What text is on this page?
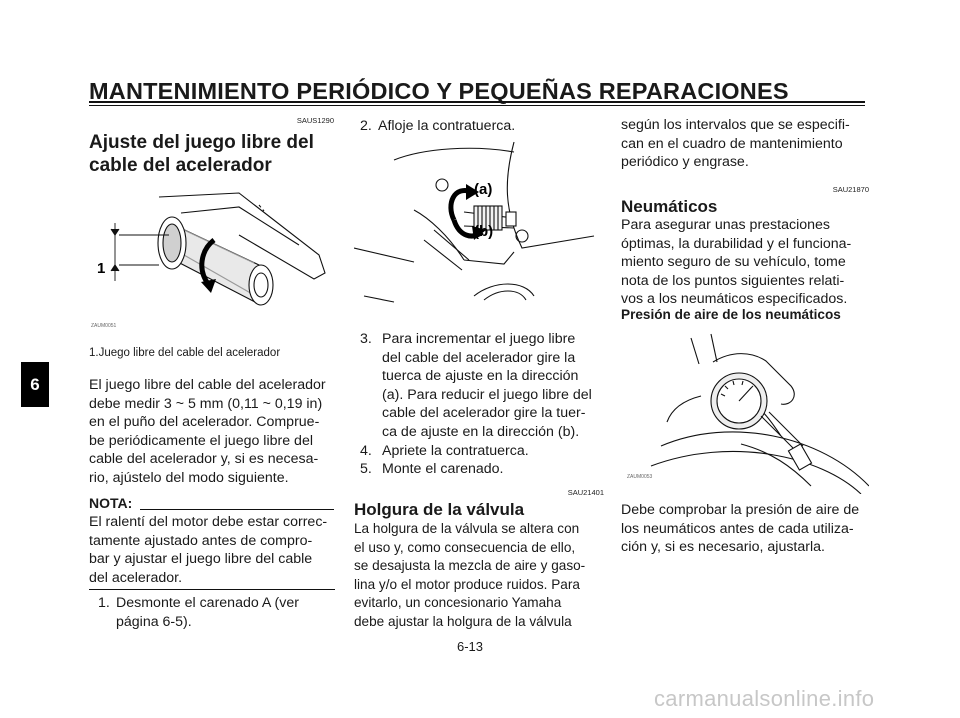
MANTENIMIENTO PERIÓDICO Y PEQUEÑAS REPARACIONES
6
SAUS1290
Ajuste del juego libre del
cable del acelerador
1
ZAUM0051
1.Juego libre del cable del acelerador
El juego libre del cable del acelerador
debe medir 3 ~ 5 mm (0,11 ~ 0,19 in)
en el puño del acelerador. Comprue-
be periódicamente el juego libre del
cable del acelerador y, si es necesa-
rio, ajústelo del modo siguiente.
NOTA:
El ralentí del motor debe estar correc-
tamente ajustado antes de compro-
bar y ajustar el juego libre del cable
del acelerador.
1. Desmonte el carenado A (ver
página 6-5).
2. Afloje la contratuerca.
(a)
(b)
3. Para incrementar el juego libre
del cable del acelerador gire la
tuerca de ajuste en la dirección
(a). Para reducir el juego libre del
cable del acelerador gire la tuer-
ca de ajuste en la dirección (b).
4. Apriete la contratuerca.
5. Monte el carenado.
SAU21401
Holgura de la válvula
La holgura de la válvula se altera con
el uso y, como consecuencia de ello,
se desajusta la mezcla de aire y gaso-
lina y/o el motor produce ruidos. Para
evitarlo, un concesionario Yamaha
debe ajustar la holgura de la válvula
según los intervalos que se especifi-
can en el cuadro de mantenimiento
periódico y engrase.
SAU21870
Neumáticos
Para asegurar unas prestaciones
óptimas, la durabilidad y el funciona-
miento seguro de su vehículo, tome
nota de los puntos siguientes relati-
vos a los neumáticos especificados.
Presión de aire de los neumáticos
ZAUM0053
Debe comprobar la presión de aire de
los neumáticos antes de cada utiliza-
ción y, si es necesario, ajustarla.
6-13
carmanualsonline.info
